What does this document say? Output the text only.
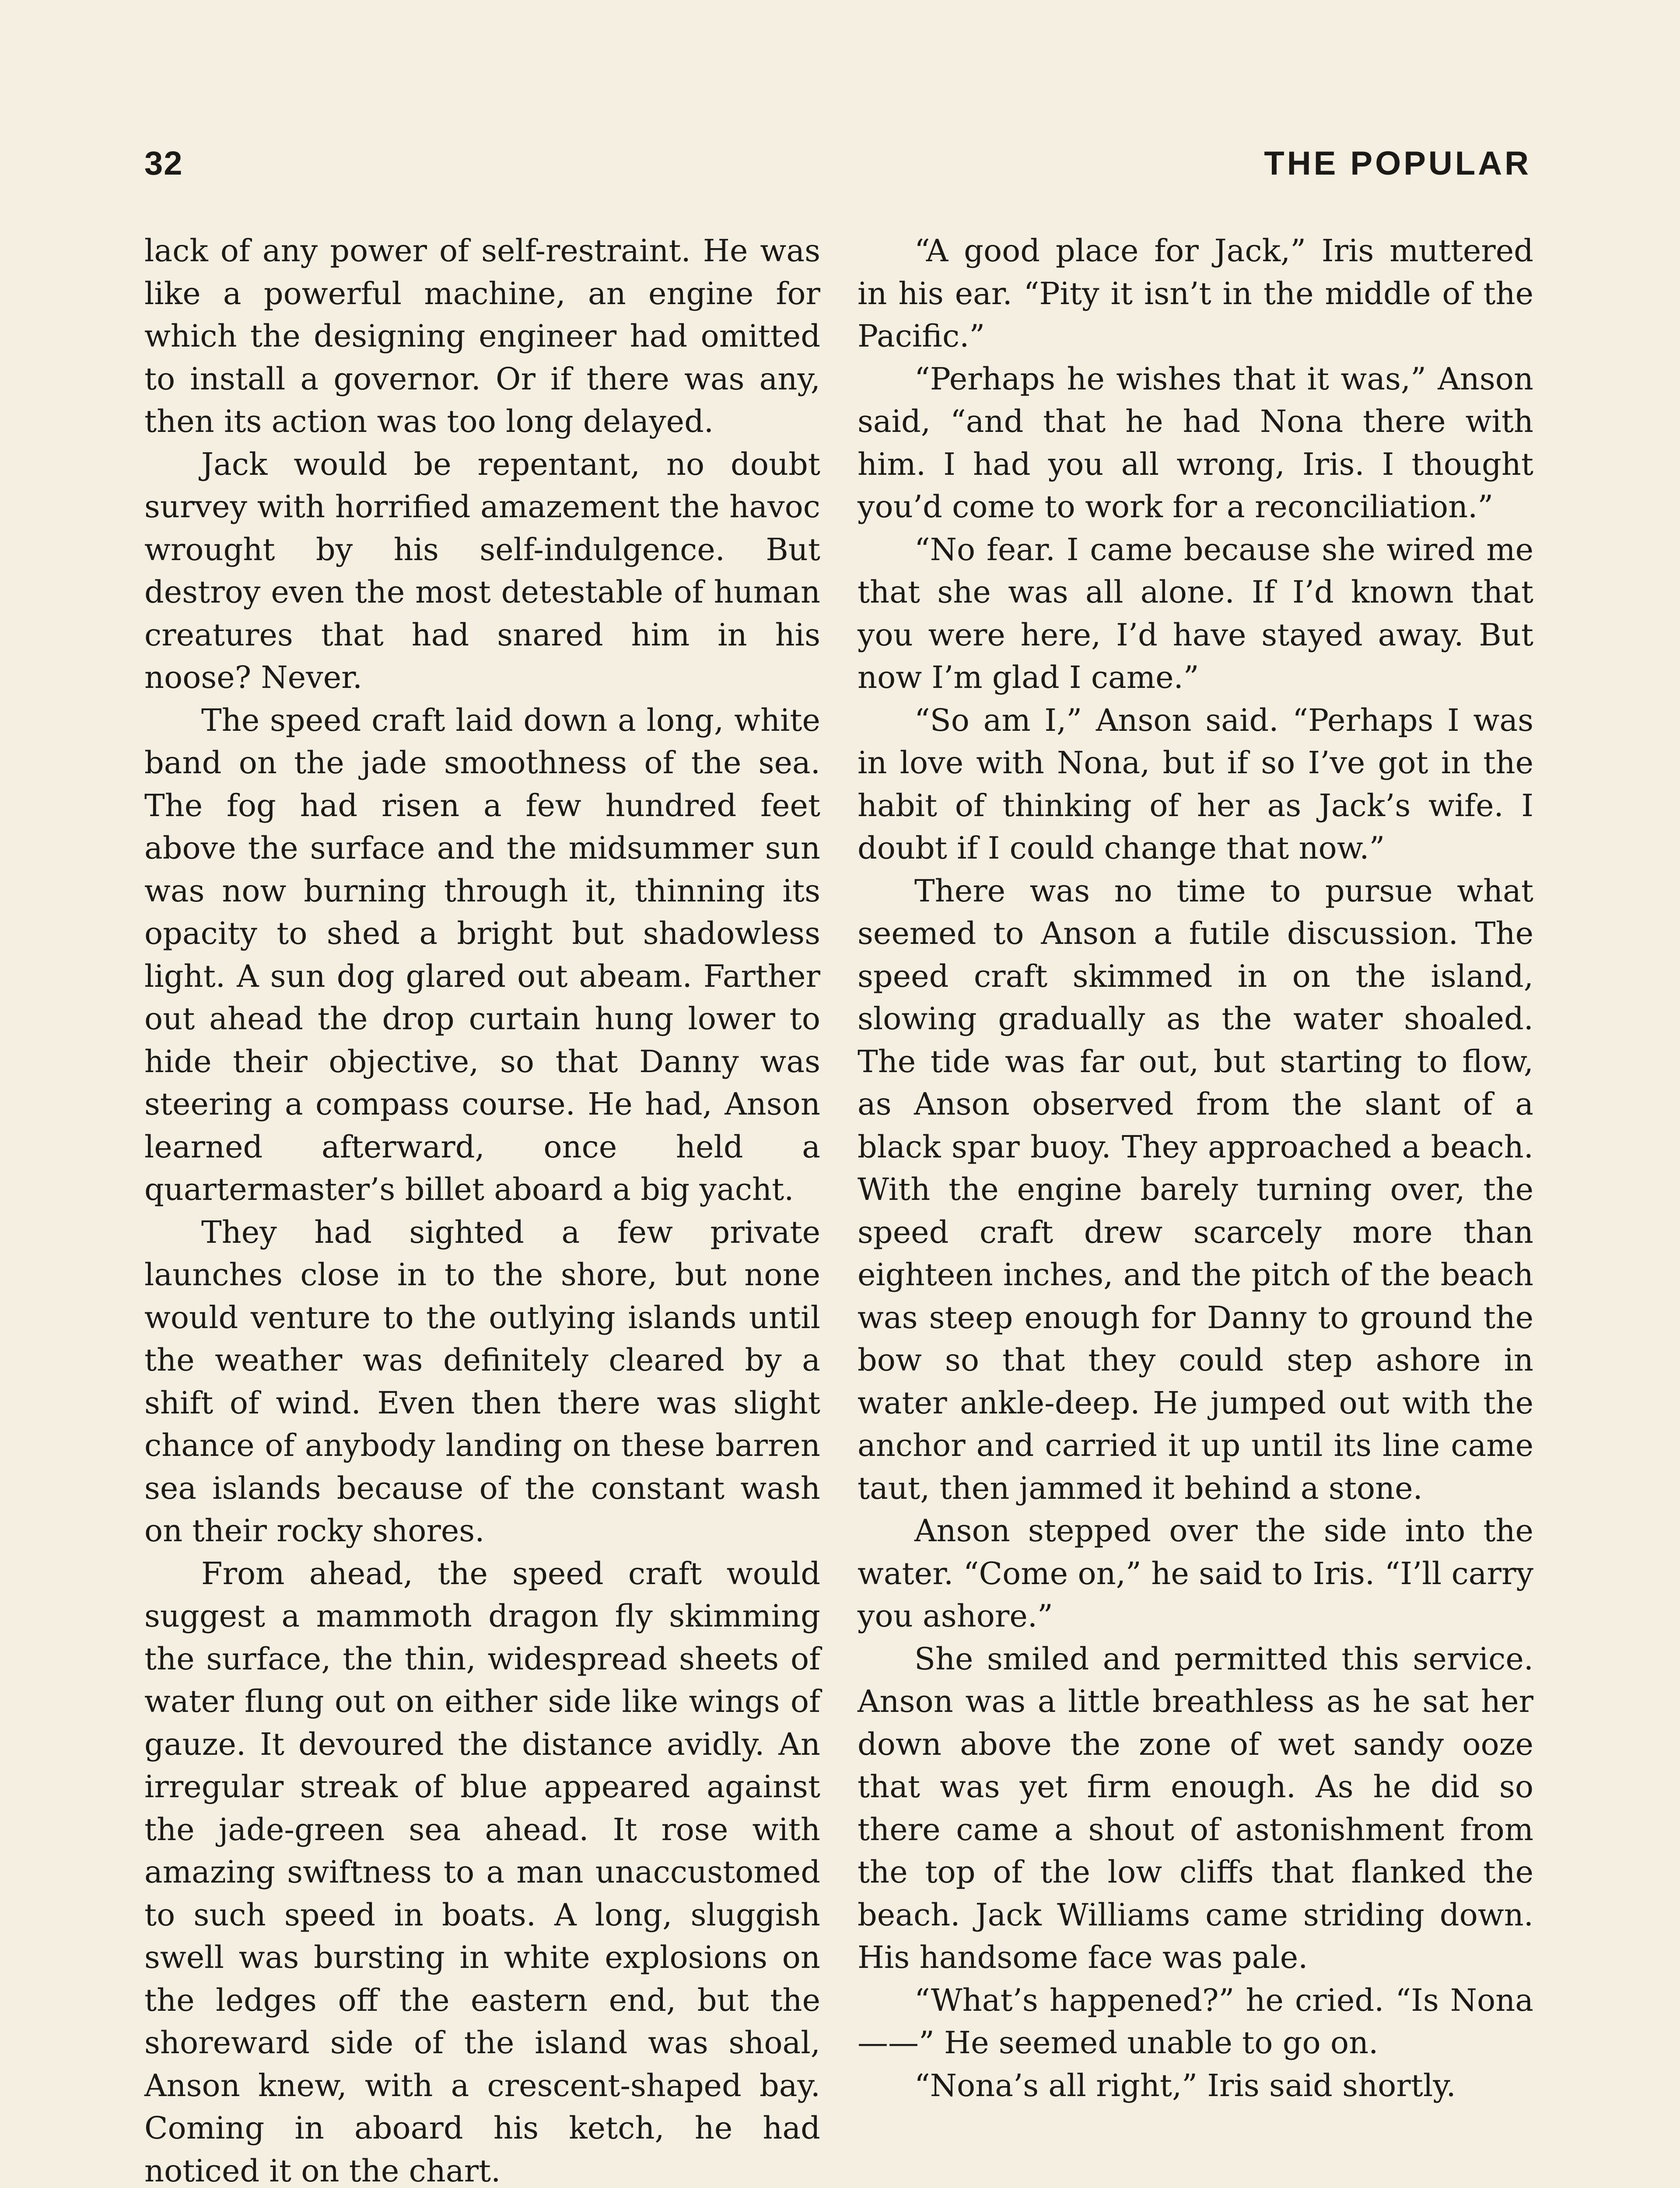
32	THE POPULAR

lack of any power of self-restraint. He was like a powerful machine, an engine for which the designing engineer had omitted to install a governor. Or if there was any, then its action was too long delayed.

Jack would be repentant, no doubt survey with horrified amazement the havoc wrought by his self-indulgence. But destroy even the most detestable of human creatures that had snared him in his noose? Never.

The speed craft laid down a long, white band on the jade smoothness of the sea. The fog had risen a few hundred feet above the surface and the midsummer sun was now burning through it, thinning its opacity to shed a bright but shadowless light. A sun dog glared out abeam. Farther out ahead the drop curtain hung lower to hide their objective, so that Danny was steering a compass course. He had, Anson learned afterward, once held a quartermaster’s billet aboard a big yacht.

They had sighted a few private launches close in to the shore, but none would venture to the outlying islands until the weather was definitely cleared by a shift of wind. Even then there was slight chance of anybody landing on these barren sea islands because of the constant wash on their rocky shores.

From ahead, the speed craft would suggest a mammoth dragon fly skimming the surface, the thin, widespread sheets of water flung out on either side like wings of gauze. It devoured the distance avidly. An irregular streak of blue appeared against the jade-green sea ahead. It rose with amazing swiftness to a man unaccustomed to such speed in boats. A long, sluggish swell was bursting in white explosions on the ledges off the eastern end, but the shoreward side of the island was shoal, Anson knew, with a crescent-shaped bay. Coming in aboard his ketch, he had noticed it on the chart.

“A good place for Jack,” Iris muttered in his ear. “Pity it isn’t in the middle of the Pacific.”

“Perhaps he wishes that it was,” Anson said, “and that he had Nona there with him. I had you all wrong, Iris. I thought you’d come to work for a reconciliation.”

“No fear. I came because she wired me that she was all alone. If I’d known that you were here, I’d have stayed away. But now I’m glad I came.”

“So am I,” Anson said. “Perhaps I was in love with Nona, but if so I’ve got in the habit of thinking of her as Jack’s wife. I doubt if I could change that now.”

There was no time to pursue what seemed to Anson a futile discussion. The speed craft skimmed in on the island, slowing gradually as the water shoaled. The tide was far out, but starting to flow, as Anson observed from the slant of a black spar buoy. They approached a beach. With the engine barely turning over, the speed craft drew scarcely more than eighteen inches, and the pitch of the beach was steep enough for Danny to ground the bow so that they could step ashore in water ankle-deep. He jumped out with the anchor and carried it up until its line came taut, then jammed it behind a stone.

Anson stepped over the side into the water. “Come on,” he said to Iris. “I’ll carry you ashore.”

She smiled and permitted this service. Anson was a little breathless as he sat her down above the zone of wet sandy ooze that was yet firm enough. As he did so there came a shout of astonishment from the top of the low cliffs that flanked the beach. Jack Williams came striding down. His handsome face was pale.

“What’s happened?” he cried. “Is Nona——” He seemed unable to go on.

“Nona’s all right,” Iris said shortly.
